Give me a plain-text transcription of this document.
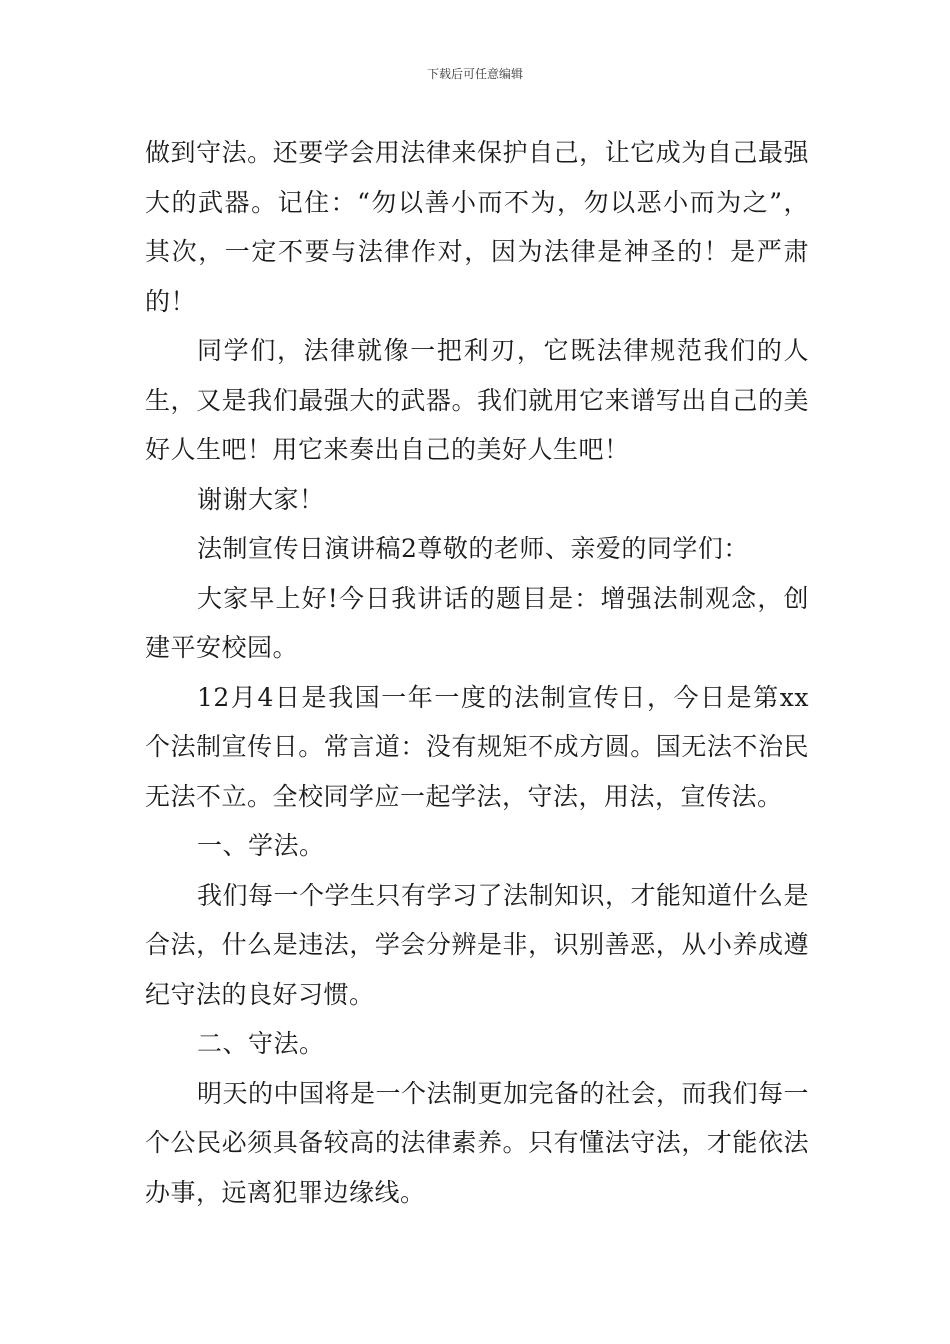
下载后可任意编辑

做到守法。还要学会用法律来保护自己，让它成为自己最强大的武器。记住：“勿以善小而不为，勿以恶小而为之”，其次，一定不要与法律作对，因为法律是神圣的！是严肃的！

同学们，法律就像一把利刃，它既法律规范我们的人生，又是我们最强大的武器。我们就用它来谱写出自己的美好人生吧！用它来奏出自己的美好人生吧！

谢谢大家！

法制宣传日演讲稿2尊敬的老师、亲爱的同学们：

大家早上好!今日我讲话的题目是：增强法制观念，创建平安校园。

12月4日是我国一年一度的法制宣传日，今日是第xx个法制宣传日。常言道：没有规矩不成方圆。国无法不治民无法不立。全校同学应一起学法，守法，用法，宣传法。

一、学法。

我们每一个学生只有学习了法制知识，才能知道什么是合法，什么是违法，学会分辨是非，识别善恶，从小养成遵纪守法的良好习惯。

二、守法。

明天的中国将是一个法制更加完备的社会，而我们每一个公民必须具备较高的法律素养。只有懂法守法，才能依法办事，远离犯罪边缘线。
